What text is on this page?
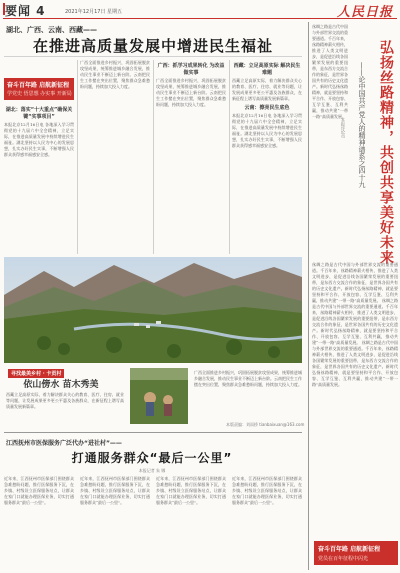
要闻 4	2021年12月17日 星期五	人民日报
湖北、广西、云南、西藏——
在推进高质量发展中增进民生福祉
奋斗百年路 启航新征程
学党史 悟思想 办实事 开新局
湖北：落实“十大重点”确保关键“实事项目”
本报北京12月16日电 各地深入学习贯彻党的十九届六中全会精神，立足实际，在推进高质量发展中持续增进民生福祉。湖北坚持以人民为中心的发展思想，扎实办好民生实事，不断增强人民群众获得感幸福感安全感。
广西全面推进乡村振兴，巩固拓展脱贫攻坚成果，统筹推进城乡融合发展，推动民生事业不断迈上新台阶。云南把民生工作摆在突出位置，聚焦群众急难愁盼问题，持续加大投入力度。
广西：抓学习成果转化 为改益做实事
广西全面推进乡村振兴，巩固拓展脱贫攻坚成果，统筹推进城乡融合发展，推动民生事业不断迈上新台阶。云南把民生工作摆在突出位置，聚焦群众急难愁盼问题，持续加大投入力度。
西藏：立足高原实际 解决民生难题
西藏立足高原实际，着力解决群众关心的教育、医疗、住房、就业等问题，让发展成果更多更公平惠及各族群众，在新征程上谱写高质量发展新篇章。
云南：擦亮民生底色
本报北京12月16日电 各地深入学习贯彻党的十九届六中全会精神，立足实际，在推进高质量发展中持续增进民生福祉。湖北坚持以人民为中心的发展思想，扎实办好民生实事，不断增强人民群众获得感幸福感安全感。
寻找最美乡村 · 卡贡村
依山傍水 苗木秀美
西藏立足高原实际，着力解决群众关心的教育、医疗、住房、就业等问题，让发展成果更多更公平惠及各族群众，在新征程上谱写高质量发展新篇章。
广西全面推进乡村振兴，巩固拓展脱贫攻坚成果，统筹推进城乡融合发展，推动民生事业不断迈上新台阶。云南把民生工作摆在突出位置，聚焦群众急难愁盼问题，持续加大投入力度。
本版责编：刘雨桥 tianbaixuan@163.com
江西抚州市医保服务广泛代办“进社村”——
打通服务群众“最后一公里”
本报记者 朱 娜
近年来，江西抚州市医保部门围绕群众急难愁盼问题，推行医保服务下沉，在乡镇、村级设立医保服务站点，让群众在家门口就能办理医保业务，切实打通服务群众“最后一公里”。
近年来，江西抚州市医保部门围绕群众急难愁盼问题，推行医保服务下沉，在乡镇、村级设立医保服务站点，让群众在家门口就能办理医保业务，切实打通服务群众“最后一公里”。
近年来，江西抚州市医保部门围绕群众急难愁盼问题，推行医保服务下沉，在乡镇、村级设立医保服务站点，让群众在家门口就能办理医保业务，切实打通服务群众“最后一公里”。
近年来，江西抚州市医保部门围绕群众急难愁盼问题，推行医保服务下沉，在乡镇、村级设立医保服务站点，让群众在家门口就能办理医保业务，切实打通服务群众“最后一公里”。
弘扬丝路精神，共创共享美好未来
——论中国共产党人的精神谱系之四十九
本报评论员
丝绸之路是古代中国与外部世界交流的重要通道。千百年来，丝路精神薪火相传，推进了人类文明进步，是促进沿线各国繁荣发展的重要纽带，是东西方交流合作的象征，是世界各国共有的历史文化遗产。新时代弘扬丝路精神，就是要坚持和平合作、开放包容、互学互鉴、互利共赢，推动共建“一带一路”高质量发展。
丝绸之路是古代中国与外部世界交流的重要通道。千百年来，丝路精神薪火相传，推进了人类文明进步，是促进沿线各国繁荣发展的重要纽带，是东西方交流合作的象征，是世界各国共有的历史文化遗产。新时代弘扬丝路精神，就是要坚持和平合作、开放包容、互学互鉴、互利共赢，推动共建“一带一路”高质量发展。 丝绸之路是古代中国与外部世界交流的重要通道。千百年来，丝路精神薪火相传，推进了人类文明进步，是促进沿线各国繁荣发展的重要纽带，是东西方交流合作的象征，是世界各国共有的历史文化遗产。新时代弘扬丝路精神，就是要坚持和平合作、开放包容、互学互鉴、互利共赢，推动共建“一带一路”高质量发展。 丝绸之路是古代中国与外部世界交流的重要通道。千百年来，丝路精神薪火相传，推进了人类文明进步，是促进沿线各国繁荣发展的重要纽带，是东西方交流合作的象征，是世界各国共有的历史文化遗产。新时代弘扬丝路精神，就是要坚持和平合作、开放包容、互学互鉴、互利共赢，推动共建“一带一路”高质量发展。
奋斗百年路 启航新征程
党员在百年征程中闪光
